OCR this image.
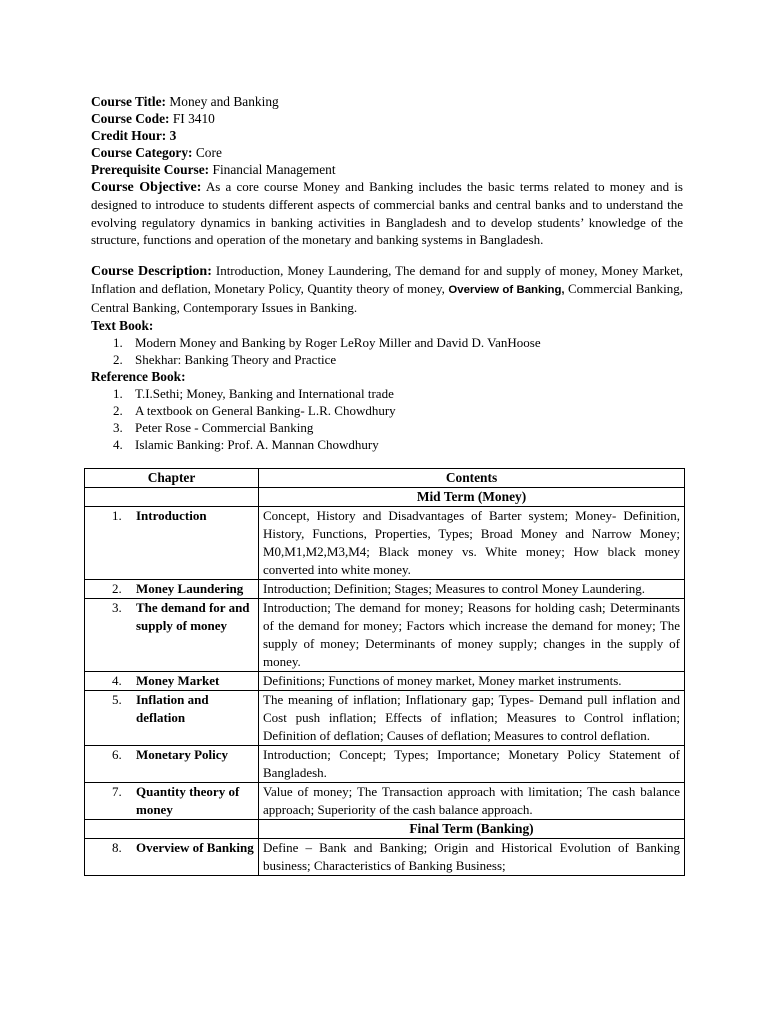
Course Title: Money and Banking
Course Code: FI 3410
Credit Hour: 3
Course Category: Core
Prerequisite Course: Financial Management
Course Objective: As a core course Money and Banking includes the basic terms related to money and is designed to introduce to students different aspects of commercial banks and central banks and to understand the evolving regulatory dynamics in banking activities in Bangladesh and to develop students’ knowledge of the structure, functions and operation of the monetary and banking systems in Bangladesh.
Course Description: Introduction, Money Laundering, The demand for and supply of money, Money Market, Inflation and deflation, Monetary Policy, Quantity theory of money, Overview of Banking, Commercial Banking, Central Banking, Contemporary Issues in Banking.
Text Book:
1. Modern Money and Banking by Roger LeRoy Miller and David D. VanHoose
2. Shekhar: Banking Theory and Practice
Reference Book:
1. T.I.Sethi; Money, Banking and International trade
2. A textbook on General Banking- L.R. Chowdhury
3. Peter Rose - Commercial Banking
4. Islamic Banking: Prof. A. Mannan Chowdhury
Chapter	Contents
	Mid Term (Money)

1. Introduction	Concept, History and Disadvantages of Barter system; Money- Definition, History, Functions, Properties, Types; Broad Money and Narrow Money; M0,M1,M2,M3,M4; Black money vs. White money; How black money converted into white money.

2. Money Laundering	Introduction; Definition; Stages; Measures to control Money Laundering.

3. The demand for and supply of money	Introduction; The demand for money; Reasons for holding cash; Determinants of the demand for money; Factors which increase the demand for money; The supply of money; Determinants of money supply; changes in the supply of money.

4. Money Market	Definitions; Functions of money market, Money market instruments.

5. Inflation and deflation	The meaning of inflation; Inflationary gap; Types- Demand pull inflation and Cost push inflation; Effects of inflation; Measures to Control inflation; Definition of deflation; Causes of deflation; Measures to control deflation.

6. Monetary Policy	Introduction; Concept; Types; Importance; Monetary Policy Statement of Bangladesh.

7. Quantity theory of money	Value of money; The Transaction approach with limitation; The cash balance approach; Superiority of the cash balance approach.
	Final Term (Banking)

8. Overview of Banking	Define – Bank and Banking; Origin and Historical Evolution of Banking business; Characteristics of Banking Business;
